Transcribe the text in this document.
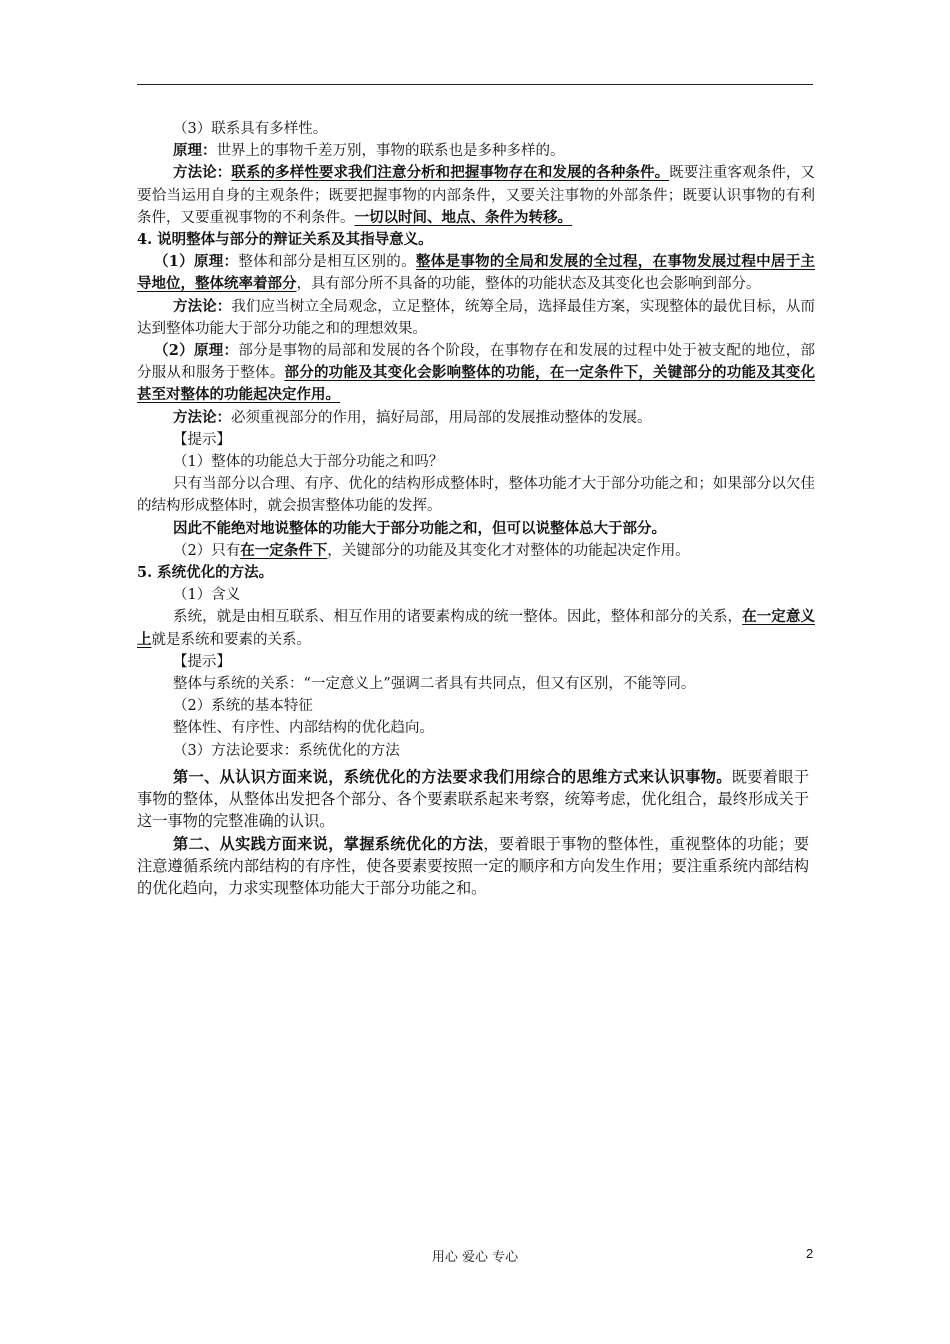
（3）联系具有多样性。

原理：世界上的事物千差万别，事物的联系也是多种多样的。

方法论：联系的多样性要求我们注意分析和把握事物存在和发展的各种条件。既要注重客观条件，又要恰当运用自身的主观条件；既要把握事物的内部条件，又要关注事物的外部条件；既要认识事物的有利条件，又要重视事物的不利条件。一切以时间、地点、条件为转移。

4. 说明整体与部分的辩证关系及其指导意义。

（1）原理：整体和部分是相互区别的。整体是事物的全局和发展的全过程，在事物发展过程中居于主导地位，整体统率着部分，具有部分所不具备的功能，整体的功能状态及其变化也会影响到部分。

方法论：我们应当树立全局观念，立足整体，统筹全局，选择最佳方案，实现整体的最优目标，从而达到整体功能大于部分功能之和的理想效果。

（2）原理：部分是事物的局部和发展的各个阶段，在事物存在和发展的过程中处于被支配的地位，部分服从和服务于整体。部分的功能及其变化会影响整体的功能，在一定条件下，关键部分的功能及其变化甚至对整体的功能起决定作用。

方法论：必须重视部分的作用，搞好局部，用局部的发展推动整体的发展。

【提示】

（1）整体的功能总大于部分功能之和吗？

只有当部分以合理、有序、优化的结构形成整体时，整体功能才大于部分功能之和；如果部分以欠佳的结构形成整体时，就会损害整体功能的发挥。

因此不能绝对地说整体的功能大于部分功能之和，但可以说整体总大于部分。

（2）只有在一定条件下，关键部分的功能及其变化才对整体的功能起决定作用。

5. 系统优化的方法。

（1）含义

系统，就是由相互联系、相互作用的诸要素构成的统一整体。因此，整体和部分的关系，在一定意义上就是系统和要素的关系。

【提示】

整体与系统的关系：“一定意义上”强调二者具有共同点，但又有区别，不能等同。

（2）系统的基本特征

整体性、有序性、内部结构的优化趋向。

（3）方法论要求：系统优化的方法

第一、从认识方面来说，系统优化的方法要求我们用综合的思维方式来认识事物。既要着眼于事物的整体，从整体出发把各个部分、各个要素联系起来考察，统筹考虑，优化组合，最终形成关于这一事物的完整准确的认识。

第二、从实践方面来说，掌握系统优化的方法，要着眼于事物的整体性，重视整体的功能；要注意遵循系统内部结构的有序性，使各要素要按照一定的顺序和方向发生作用；要注重系统内部结构的优化趋向，力求实现整体功能大于部分功能之和。

用心 爱心 专心	2
